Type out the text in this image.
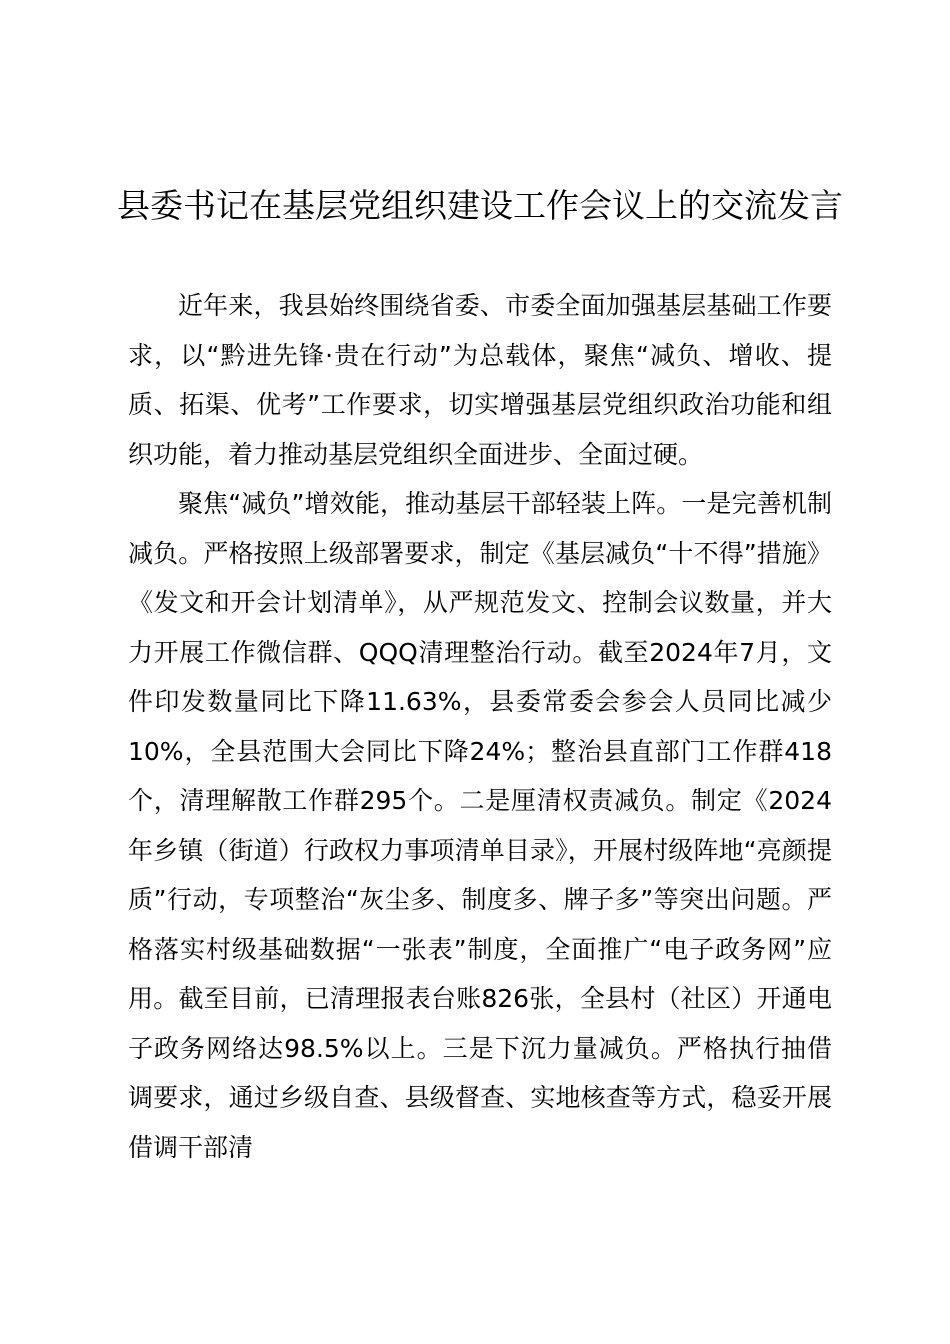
县委书记在基层党组织建设工作会议上的交流发言

近年来，我县始终围绕省委、市委全面加强基层基础工作要求，以“黔进先锋·贵在行动”为总载体，聚焦“减负、增收、提质、拓渠、优考”工作要求，切实增强基层党组织政治功能和组织功能，着力推动基层党组织全面进步、全面过硬。

聚焦“减负”增效能，推动基层干部轻装上阵。一是完善机制减负。严格按照上级部署要求，制定《基层减负“十不得”措施》《发文和开会计划清单》，从严规范发文、控制会议数量，并大力开展工作微信群、QQQ清理整治行动。截至2024年7月，文件印发数量同比下降11.63%，县委常委会参会人员同比减少10%，全县范围大会同比下降24%；整治县直部门工作群418个，清理解散工作群295个。二是厘清权责减负。制定《2024年乡镇（街道）行政权力事项清单目录》，开展村级阵地“亮颜提质”行动，专项整治“灰尘多、制度多、牌子多”等突出问题。严格落实村级基础数据“一张表”制度，全面推广“电子政务网”应用。截至目前，已清理报表台账826张，全县村（社区）开通电子政务网络达98.5%以上。三是下沉力量减负。严格执行抽借调要求，通过乡级自查、县级督查、实地核查等方式，稳妥开展借调干部清
